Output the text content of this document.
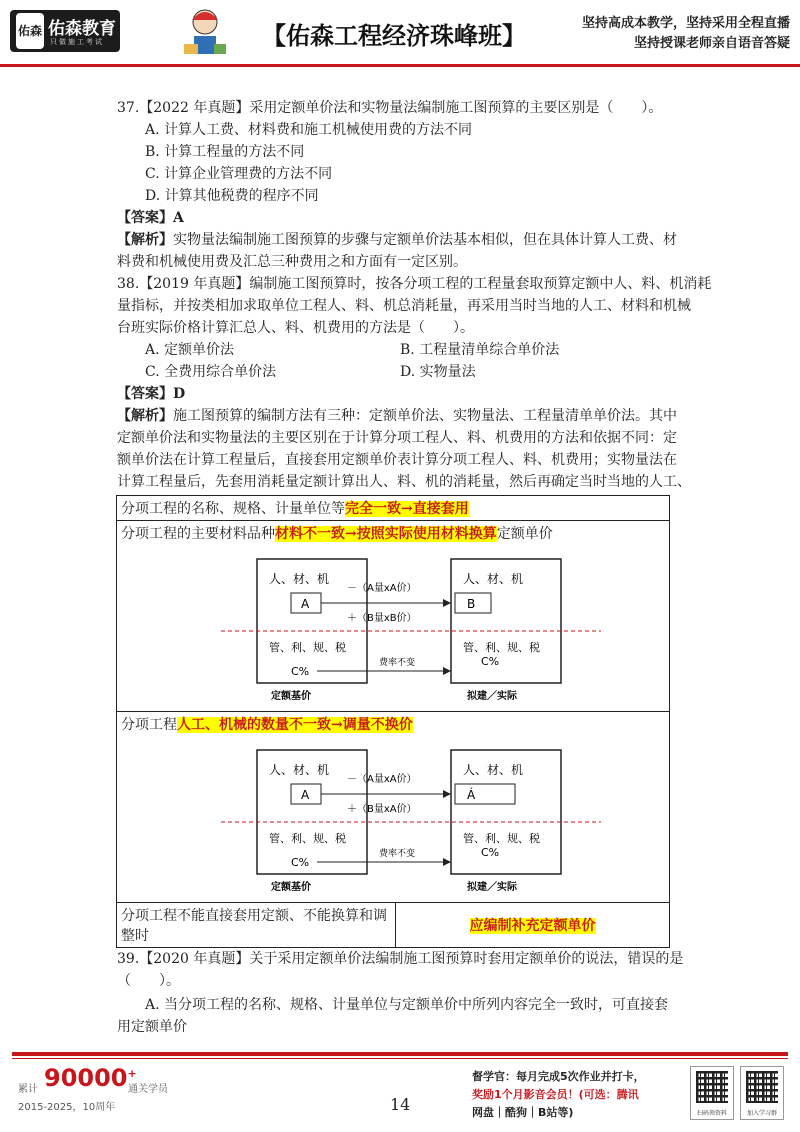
佑森 佑森教育
只做施工考试	【佑森工程经济珠峰班】	坚持高成本教学，坚持采用全程直播
坚持授课老师亲自语音答疑
37.【2022 年真题】采用定额单价法和实物量法编制施工图预算的主要区别是（　　）。
A. 计算人工费、材料费和施工机械使用费的方法不同
B. 计算工程量的方法不同
C. 计算企业管理费的方法不同
D. 计算其他税费的程序不同
【答案】A
【解析】实物量法编制施工图预算的步骤与定额单价法基本相似，但在具体计算人工费、材
料费和机械使用费及汇总三种费用之和方面有一定区别。
38.【2019 年真题】编制施工图预算时，按各分项工程的工程量套取预算定额中人、料、机消耗
量指标，并按类相加求取单位工程人、料、机总消耗量，再采用当时当地的人工、材料和机械
台班实际价格计算汇总人、料、机费用的方法是（　　）。
A. 定额单价法	B. 工程量清单综合单价法
C. 全费用综合单价法	D. 实物量法
【答案】D
【解析】施工图预算的编制方法有三种：定额单价法、实物量法、工程量清单单价法。其中
定额单价法和实物量法的主要区别在于计算分项工程人、料、机费用的方法和依据不同：定
额单价法在计算工程量后，直接套用定额单价表计算分项工程人、料、机费用；实物量法在
计算工程量后，先套用消耗量定额计算出人、料、机的消耗量，然后再确定当时当地的人工、
分项工程的名称、规格、计量单位等完全一致→直接套用
分项工程的主要材料品种材料不一致→按照实际使用材料换算定额单价
人、材、机	人、材、机
A	B
－（A量xA价）
＋（B量xB价）
管、利、规、税	管、利、规、税
C%
C%
费率不变
定额基价	拟建／实际

分项工程人工、机械的数量不一致→调量不换价
人、材、机	人、材、机
A	Á
－（A量xA价）
＋（B量xA价）
管、利、规、税	管、利、规、税
C%
C%
费率不变
定额基价	拟建／实际

分项工程不能直接套用定额、不能换算和调整时	应编制补充定额单价
39.【2020 年真题】关于采用定额单价法编制施工图预算时套用定额单价的说法，错误的是
（　　）。
A. 当分项工程的名称、规格、计量单位与定额单价中所列内容完全一致时，可直接套
用定额单价
累计 90000+
通关学员
2015-2025，10周年	14
督学官：每月完成5次作业并打卡，
奖励1个月影音会员！(可选：腾讯
网盘｜酷狗｜B站等)	扫码领资料	加入学习群
